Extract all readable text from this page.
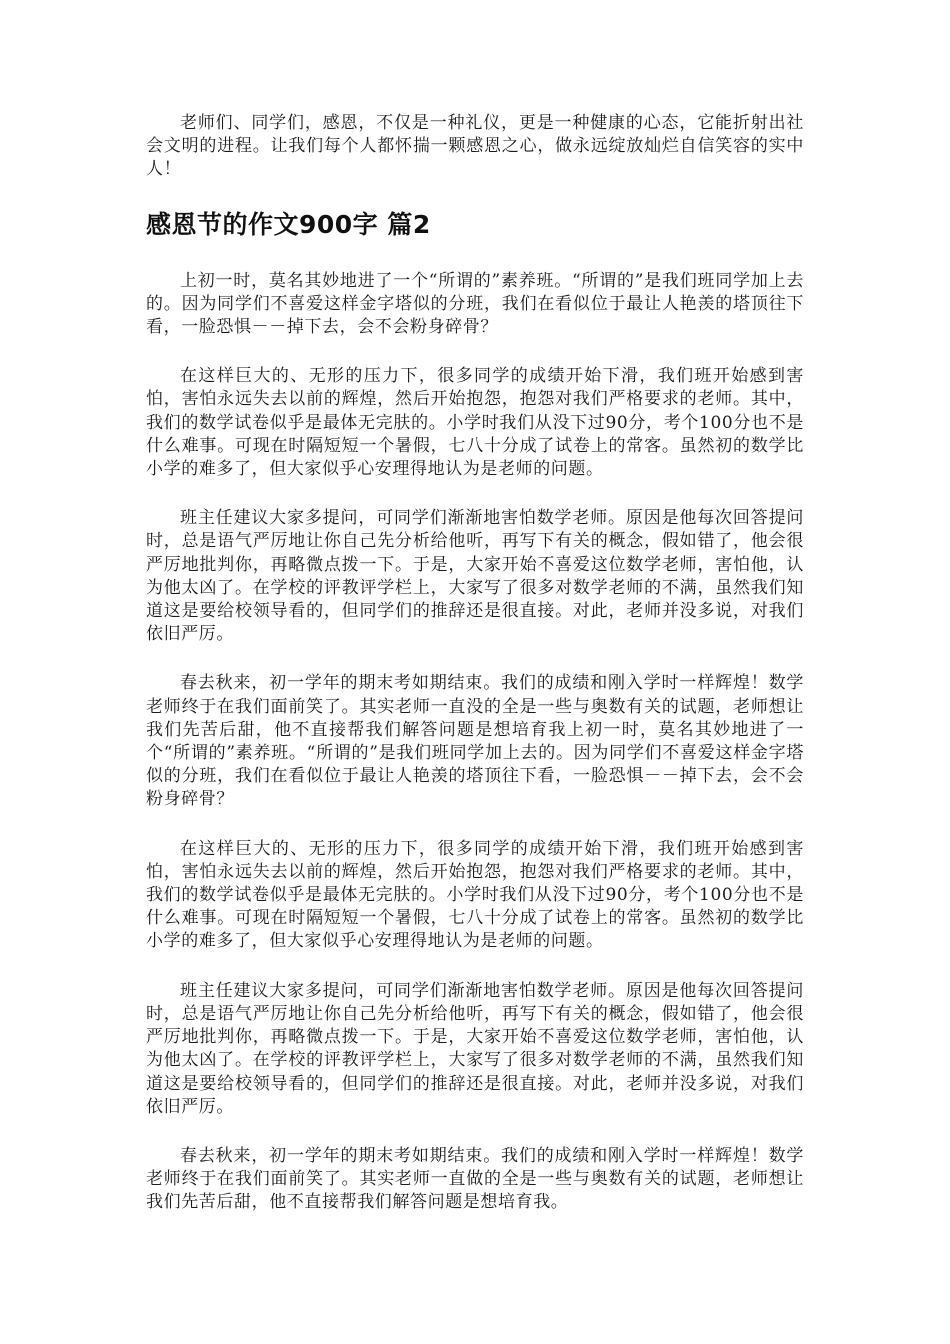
老师们、同学们，感恩，不仅是一种礼仪，更是一种健康的心态，它能折射出社会文明的进程。让我们每个人都怀揣一颗感恩之心，做永远绽放灿烂自信笑容的实中人！

感恩节的作文900字 篇2

上初一时，莫名其妙地进了一个“所谓的”素养班。“所谓的”是我们班同学加上去的。因为同学们不喜爱这样金字塔似的分班，我们在看似位于最让人艳羡的塔顶往下看，一脸恐惧－－掉下去，会不会粉身碎骨？

在这样巨大的、无形的压力下，很多同学的成绩开始下滑，我们班开始感到害怕，害怕永远失去以前的辉煌，然后开始抱怨，抱怨对我们严格要求的老师。其中，我们的数学试卷似乎是最体无完肤的。小学时我们从没下过90分，考个100分也不是什么难事。可现在时隔短短一个暑假，七八十分成了试卷上的常客。虽然初的数学比小学的难多了，但大家似乎心安理得地认为是老师的问题。

班主任建议大家多提问，可同学们渐渐地害怕数学老师。原因是他每次回答提问时，总是语气严厉地让你自己先分析给他听，再写下有关的概念，假如错了，他会很严厉地批判你，再略微点拨一下。于是，大家开始不喜爱这位数学老师，害怕他，认为他太凶了。在学校的评教评学栏上，大家写了很多对数学老师的不满，虽然我们知道这是要给校领导看的，但同学们的推辞还是很直接。对此，老师并没多说，对我们依旧严厉。

春去秋来，初一学年的期末考如期结束。我们的成绩和刚入学时一样辉煌！数学老师终于在我们面前笑了。其实老师一直没的全是一些与奥数有关的试题，老师想让我们先苦后甜，他不直接帮我们解答问题是想培育我上初一时，莫名其妙地进了一个“所谓的”素养班。“所谓的”是我们班同学加上去的。因为同学们不喜爱这样金字塔似的分班，我们在看似位于最让人艳羡的塔顶往下看，一脸恐惧－－掉下去，会不会粉身碎骨？

在这样巨大的、无形的压力下，很多同学的成绩开始下滑，我们班开始感到害怕，害怕永远失去以前的辉煌，然后开始抱怨，抱怨对我们严格要求的老师。其中，我们的数学试卷似乎是最体无完肤的。小学时我们从没下过90分，考个100分也不是什么难事。可现在时隔短短一个暑假，七八十分成了试卷上的常客。虽然初的数学比小学的难多了，但大家似乎心安理得地认为是老师的问题。

班主任建议大家多提问，可同学们渐渐地害怕数学老师。原因是他每次回答提问时，总是语气严厉地让你自己先分析给他听，再写下有关的概念，假如错了，他会很严厉地批判你，再略微点拨一下。于是，大家开始不喜爱这位数学老师，害怕他，认为他太凶了。在学校的评教评学栏上，大家写了很多对数学老师的不满，虽然我们知道这是要给校领导看的，但同学们的推辞还是很直接。对此，老师并没多说，对我们依旧严厉。

春去秋来，初一学年的期末考如期结束。我们的成绩和刚入学时一样辉煌！数学老师终于在我们面前笑了。其实老师一直做的全是一些与奥数有关的试题，老师想让我们先苦后甜，他不直接帮我们解答问题是想培育我。
